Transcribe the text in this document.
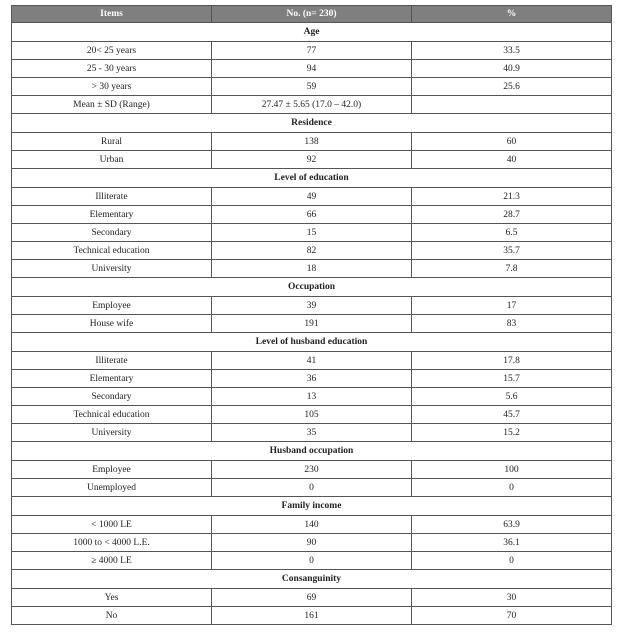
Items	No. (n= 230)	%
Age		
20< 25 years	77	33.5
25 - 30 years	94	40.9
> 30 years	59	25.6
Mean ± SD (Range)	27.47 ± 5.65 (17.0 – 42.0)	
Residence		
Rural	138	60
Urban	92	40
Level of education		
Illiterate	49	21.3
Elementary	66	28.7
Secondary	15	6.5
Technical education	82	35.7
University	18	7.8
Occupation		
Employee	39	17
House wife	191	83
Level of husband education		
Illiterate	41	17.8
Elementary	36	15.7
Secondary	13	5.6
Technical education	105	45.7
University	35	15.2
Husband occupation		
Employee	230	100
Unemployed	0	0
Family income		
< 1000 LE	140	63.9
1000 to < 4000 L.E.	90	36.1
≥ 4000 LE	0	0
Consanguinity		
Yes	69	30
No	161	70
